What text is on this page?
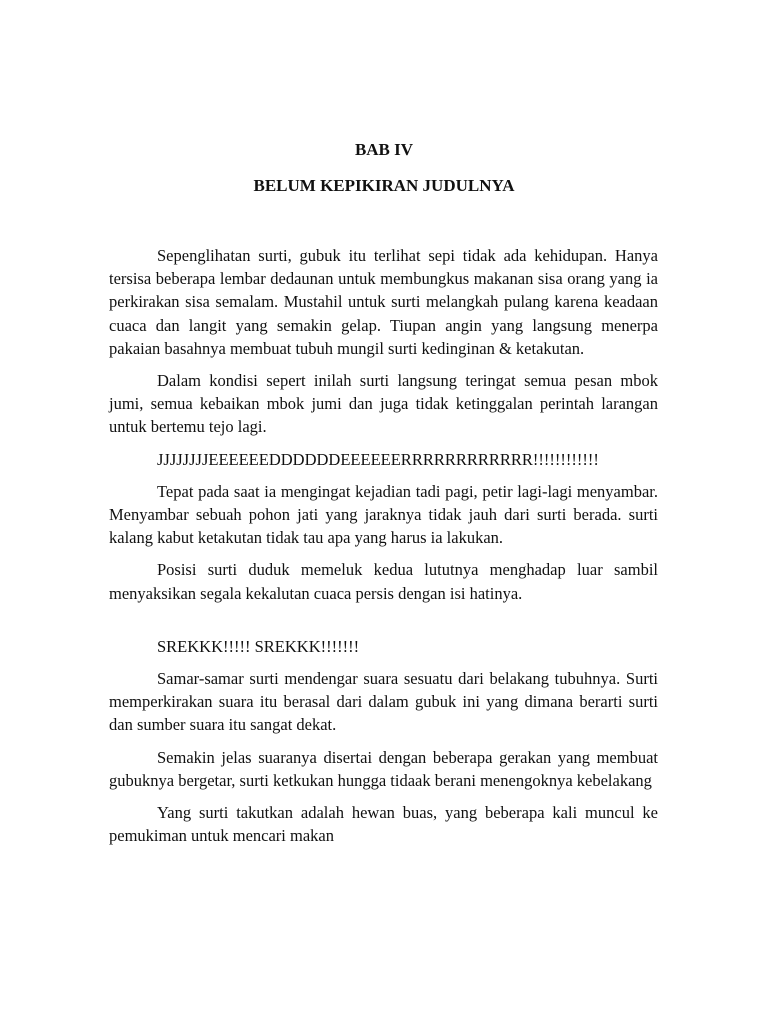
BAB IV
BELUM KEPIKIRAN JUDULNYA

Sepenglihatan surti, gubuk itu terlihat sepi tidak ada kehidupan. Hanya tersisa beberapa lembar dedaunan untuk membungkus makanan sisa orang yang ia perkirakan sisa semalam. Mustahil untuk surti melangkah pulang karena keadaan cuaca dan langit yang semakin gelap. Tiupan angin yang langsung menerpa pakaian basahnya membuat tubuh mungil surti kedinginan & ketakutan.

Dalam kondisi sepert inilah surti langsung teringat semua pesan mbok jumi, semua kebaikan mbok jumi dan juga tidak ketinggalan perintah larangan untuk bertemu tejo lagi.

JJJJJJJJEEEEEEDDDDDDEEEEEERRRRRRRRRRRR!!!!!!!!!!!!

Tepat pada saat ia mengingat kejadian tadi pagi, petir lagi-lagi menyambar. Menyambar sebuah pohon jati yang jaraknya tidak jauh dari surti berada. surti kalang kabut ketakutan tidak tau apa yang harus ia lakukan.

Posisi surti duduk memeluk kedua lututnya menghadap luar sambil menyaksikan segala kekalutan cuaca persis dengan isi hatinya.

SREKKK!!!!! SREKKK!!!!!!!

Samar-samar surti mendengar suara sesuatu dari belakang tubuhnya. Surti memperkirakan suara itu berasal dari dalam gubuk ini yang dimana berarti surti dan sumber suara itu sangat dekat.

Semakin jelas suaranya disertai dengan beberapa gerakan yang membuat gubuknya bergetar, surti ketkukan hungga tidaak berani menengoknya kebelakang

Yang surti takutkan adalah hewan buas, yang beberapa kali muncul ke pemukiman untuk mencari makan
